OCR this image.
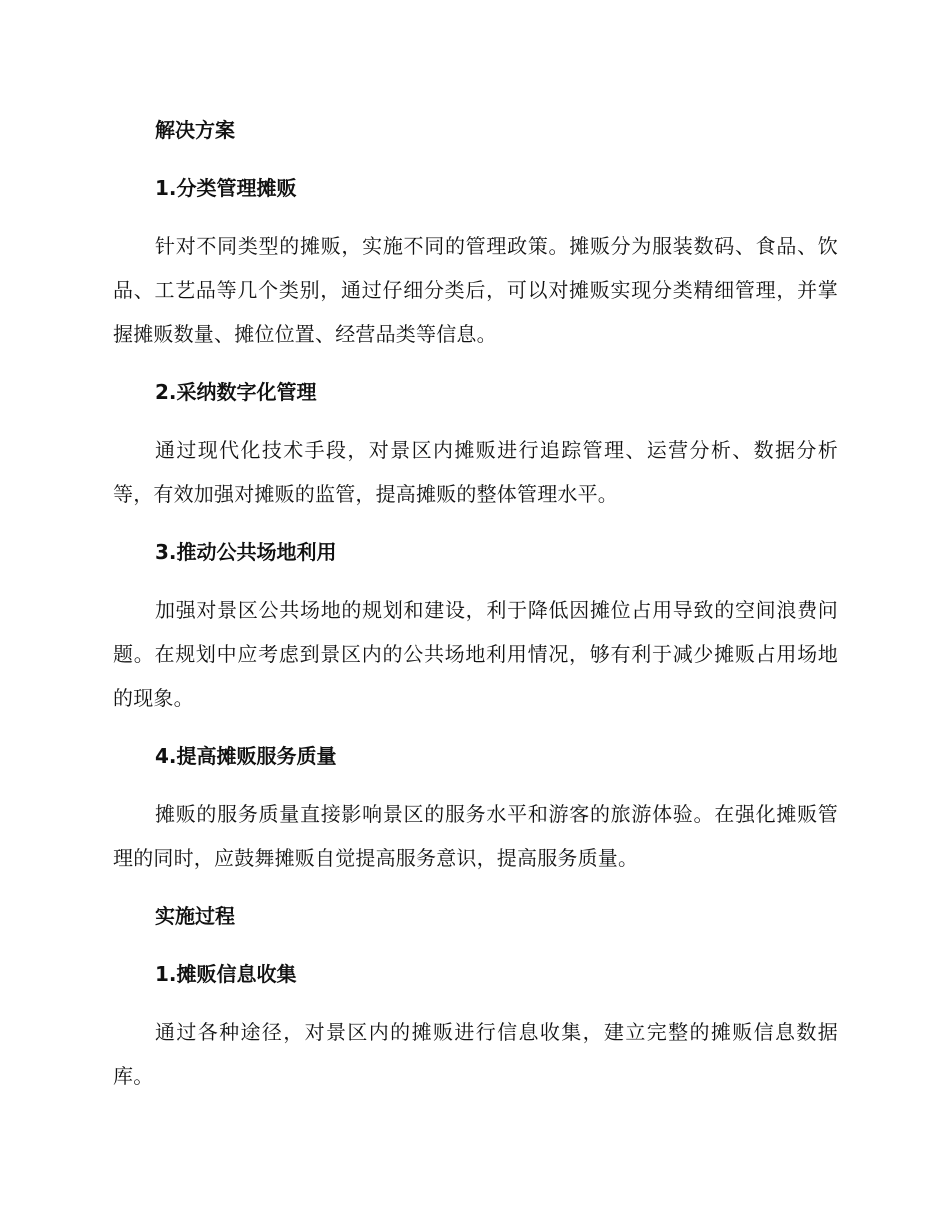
解决方案
1.分类管理摊贩

针对不同类型的摊贩，实施不同的管理政策。摊贩分为服装数码、食品、饮品、工艺品等几个类别，通过仔细分类后，可以对摊贩实现分类精细管理，并掌握摊贩数量、摊位位置、经营品类等信息。

2.采纳数字化管理

通过现代化技术手段，对景区内摊贩进行追踪管理、运营分析、数据分析等，有效加强对摊贩的监管，提高摊贩的整体管理水平。

3.推动公共场地利用

加强对景区公共场地的规划和建设，利于降低因摊位占用导致的空间浪费问题。在规划中应考虑到景区内的公共场地利用情况，够有利于减少摊贩占用场地的现象。

4.提高摊贩服务质量

摊贩的服务质量直接影响景区的服务水平和游客的旅游体验。在强化摊贩管理的同时，应鼓舞摊贩自觉提高服务意识，提高服务质量。

实施过程
1.摊贩信息收集

通过各种途径，对景区内的摊贩进行信息收集，建立完整的摊贩信息数据库。
